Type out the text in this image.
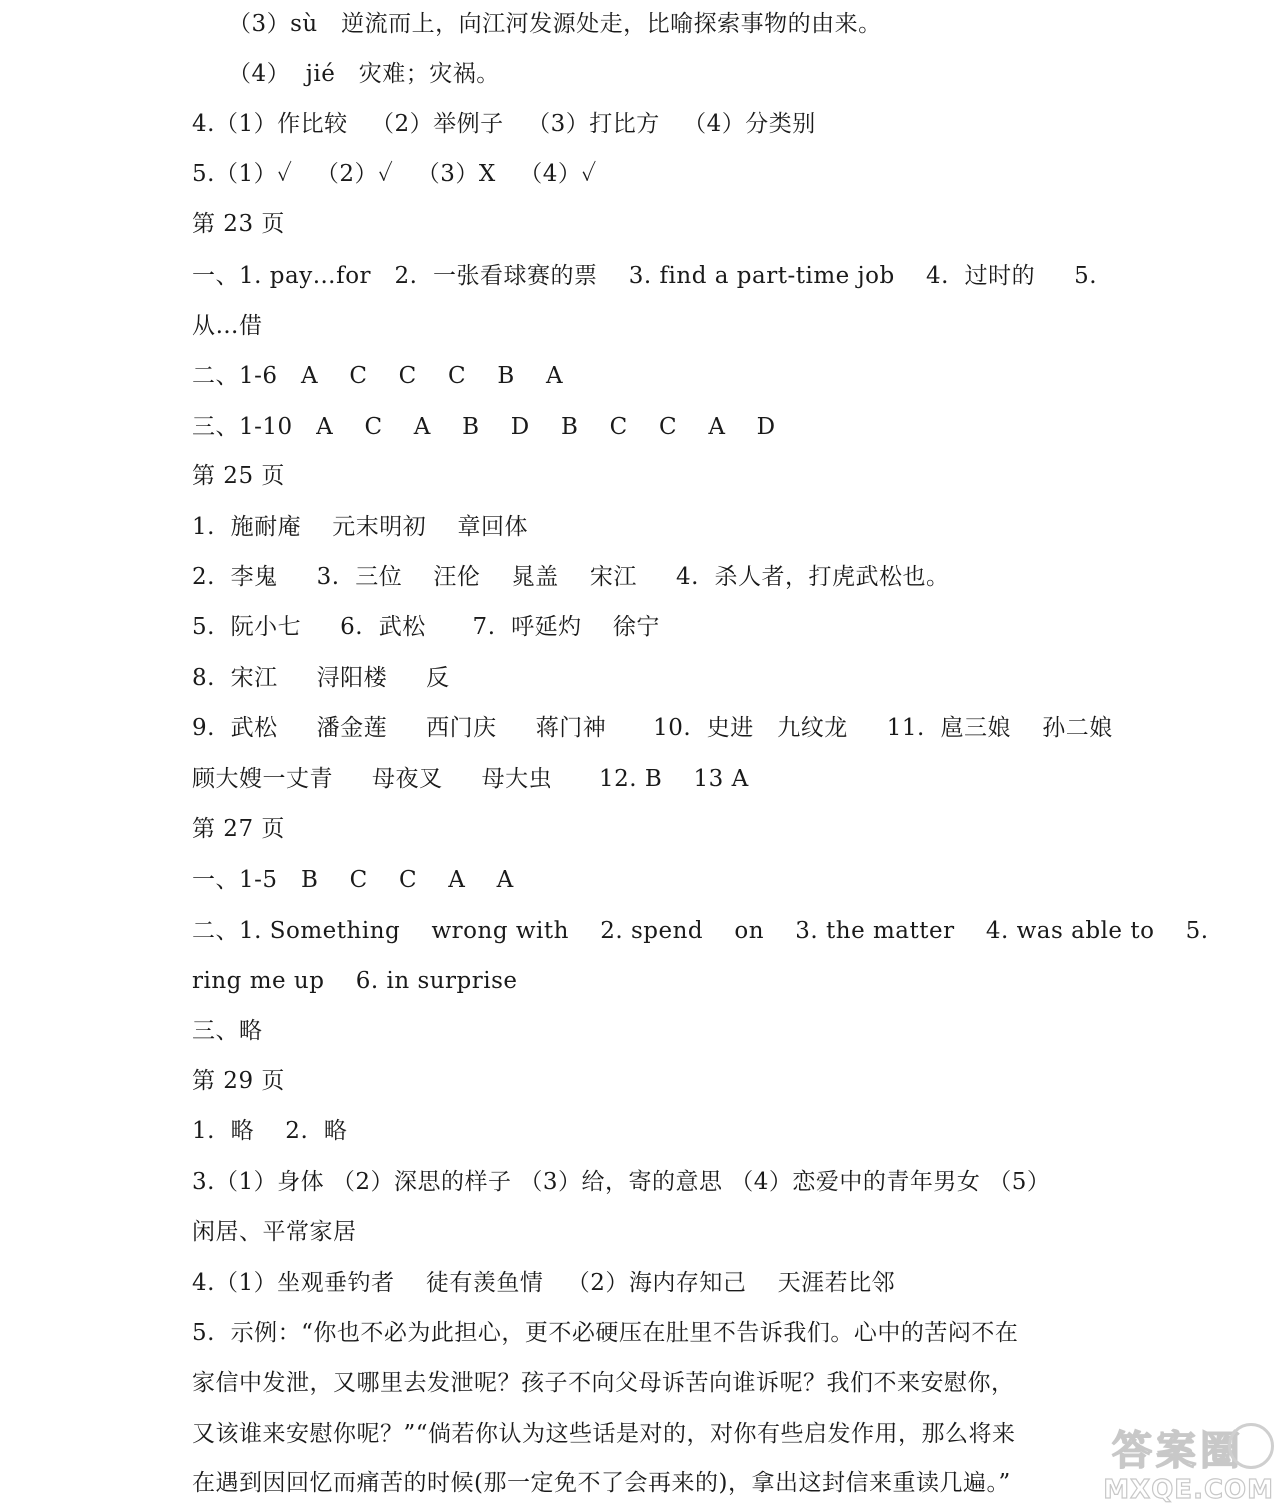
（3）sù   逆流而上，向江河发源处走，比喻探索事物的由来。
（4）  jié   灾难；灾祸。
4.（1）作比较   （2）举例子   （3）打比方   （4）分类别
5.（1）✓   （2）✓   （3）X   （4）✓
第 23 页
一、1. pay…for   2.  一张看球赛的票    3. find a part-time job    4.  过时的     5.
从…借
二、1-6   A    C    C    C    B    A
三、1-10   A    C    A    B    D    B    C    C    A    D
第 25 页
1.  施耐庵    元末明初    章回体
2.  李鬼     3.  三位    汪伦    晁盖    宋江     4.  杀人者，打虎武松也。
5.  阮小七     6.  武松      7.  呼延灼    徐宁
8.  宋江     浔阳楼     反
9.  武松     潘金莲     西门庆     蒋门神      10.  史进   九纹龙     11.  扈三娘    孙二娘
顾大嫂一丈青     母夜叉     母大虫      12. B    13 A
第 27 页
一、1-5   B    C    C    A    A
二、1. Something    wrong with    2. spend    on    3. the matter    4. was able to    5.
ring me up    6. in surprise
三、略
第 29 页
1.  略    2.  略
3.（1）身体 （2）深思的样子 （3）给，寄的意思 （4）恋爱中的青年男女 （5）
闲居、平常家居
4.（1）坐观垂钓者    徒有羡鱼情   （2）海内存知己    天涯若比邻
5.  示例：“你也不必为此担心，更不必硬压在肚里不告诉我们。心中的苦闷不在
家信中发泄，又哪里去发泄呢？孩子不向父母诉苦向谁诉呢？我们不来安慰你，
又该谁来安慰你呢？”“倘若你认为这些话是对的，对你有些启发作用，那么将来
在遇到因回忆而痛苦的时候(那一定免不了会再来的)，拿出这封信来重读几遍。”
答案圈
MXQE.COM
